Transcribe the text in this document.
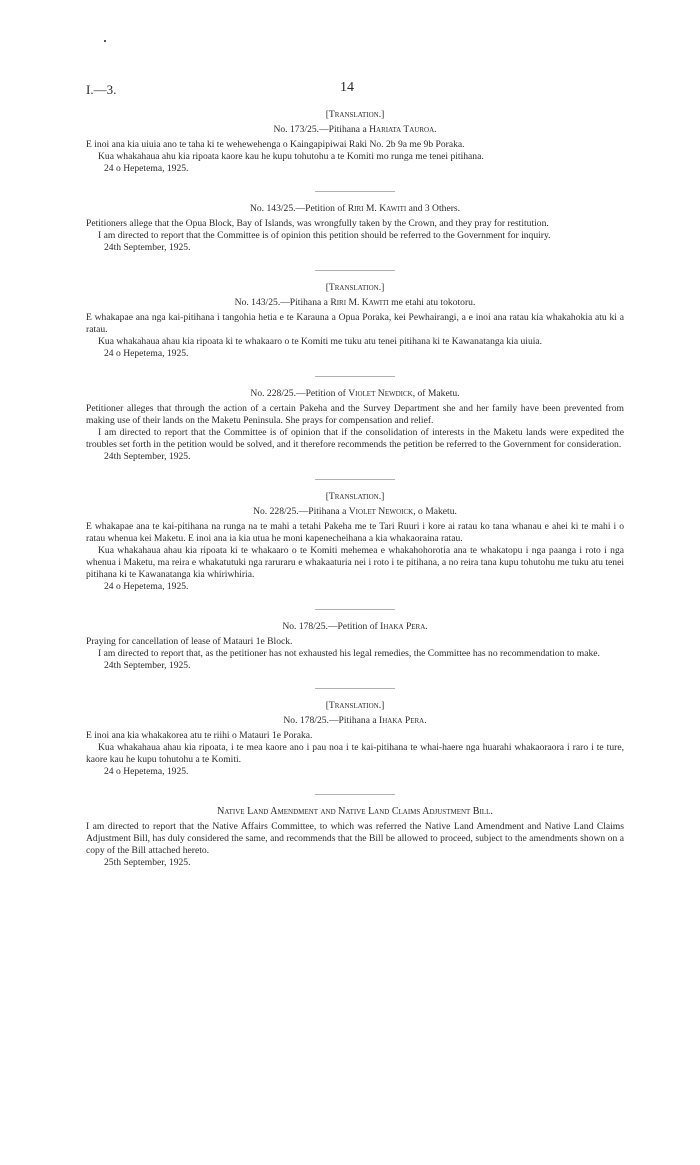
I.—3.	14
[Translation.]
No. 173/25.—Pitihana a Hariata Tauroa.
E inoi ana kia uiuia ano te taha ki te wehewehenga o Kaingapipiwai Raki No. 2b 9a me 9b Poraka.
Kua whakahaua ahu kia ripoata kaore kau he kupu tohutohu a te Komiti mo runga me tenei pitihana.
24 o Hepetema, 1925.
No. 143/25.—Petition of Riri M. Kawiti and 3 Others.
Petitioners allege that the Opua Block, Bay of Islands, was wrongfully taken by the Crown, and they pray for restitution.
I am directed to report that the Committee is of opinion this petition should be referred to the Government for inquiry.
24th September, 1925.
[Translation.]
No. 143/25.—Pitihana a Riri M. Kawiti me etahi atu tokotoru.
E whakapae ana nga kai-pitihana i tangohia hetia e te Karauna a Opua Poraka, kei Pewhairangi, a e inoi ana ratau kia whakahokia atu ki a ratau.
Kua whakahaua ahau kia ripoata ki te whakaaro o te Komiti me tuku atu tenei pitihana ki te Kawanatanga kia uiuia.
24 o Hepetema, 1925.
No. 228/25.—Petition of Violet Newdick, of Maketu.
Petitioner alleges that through the action of a certain Pakeha and the Survey Department she and her family have been prevented from making use of their lands on the Maketu Peninsula. She prays for compensation and relief.
I am directed to report that the Committee is of opinion that if the consolidation of interests in the Maketu lands were expedited the troubles set forth in the petition would be solved, and it therefore recommends the petition be referred to the Government for consideration.
24th September, 1925.
[Translation.]
No. 228/25.—Pitihana a Violet Newoick, o Maketu.
E whakapae ana te kai-pitihana na runga na te mahi a tetahi Pakeha me te Tari Ruuri i kore ai ratau ko tana whanau e ahei ki te mahi i o ratau whenua kei Maketu. E inoi ana ia kia utua he moni kapenecheihana a kia whakaoraina ratau.
Kua whakahaua ahau kia ripoata ki te whakaaro o te Komiti mehemea e whakahohorotia ana te whakatopu i nga paanga i roto i nga whenua i Maketu, ma reira e whakatutuki nga raruraru e whakaaturia nei i roto i te pitihana, a no reira tana kupu tohutohu me tuku atu tenei pitihana ki te Kawanatanga kia whiriwhiria.
24 o Hepetema, 1925.
No. 178/25.—Petition of Ihaka Pera.
Praying for cancellation of lease of Matauri 1e Block.
I am directed to report that, as the petitioner has not exhausted his legal remedies, the Committee has no recommendation to make.
24th September, 1925.
[Translation.]
No. 178/25.—Pitihana a Ihaka Pera.
E inoi ana kia whakakorea atu te riihi o Matauri 1e Poraka.
Kua whakahaua ahau kia ripoata, i te mea kaore ano i pau noa i te kai-pitihana te whai-haere nga huarahi whakaoraora i raro i te ture, kaore kau he kupu tohutohu a te Komiti.
24 o Hepetema, 1925.
Native Land Amendment and Native Land Claims Adjustment Bill.
I am directed to report that the Native Affairs Committee, to which was referred the Native Land Amendment and Native Land Claims Adjustment Bill, has duly considered the same, and recommends that the Bill be allowed to proceed, subject to the amendments shown on a copy of the Bill attached hereto.
25th September, 1925.
